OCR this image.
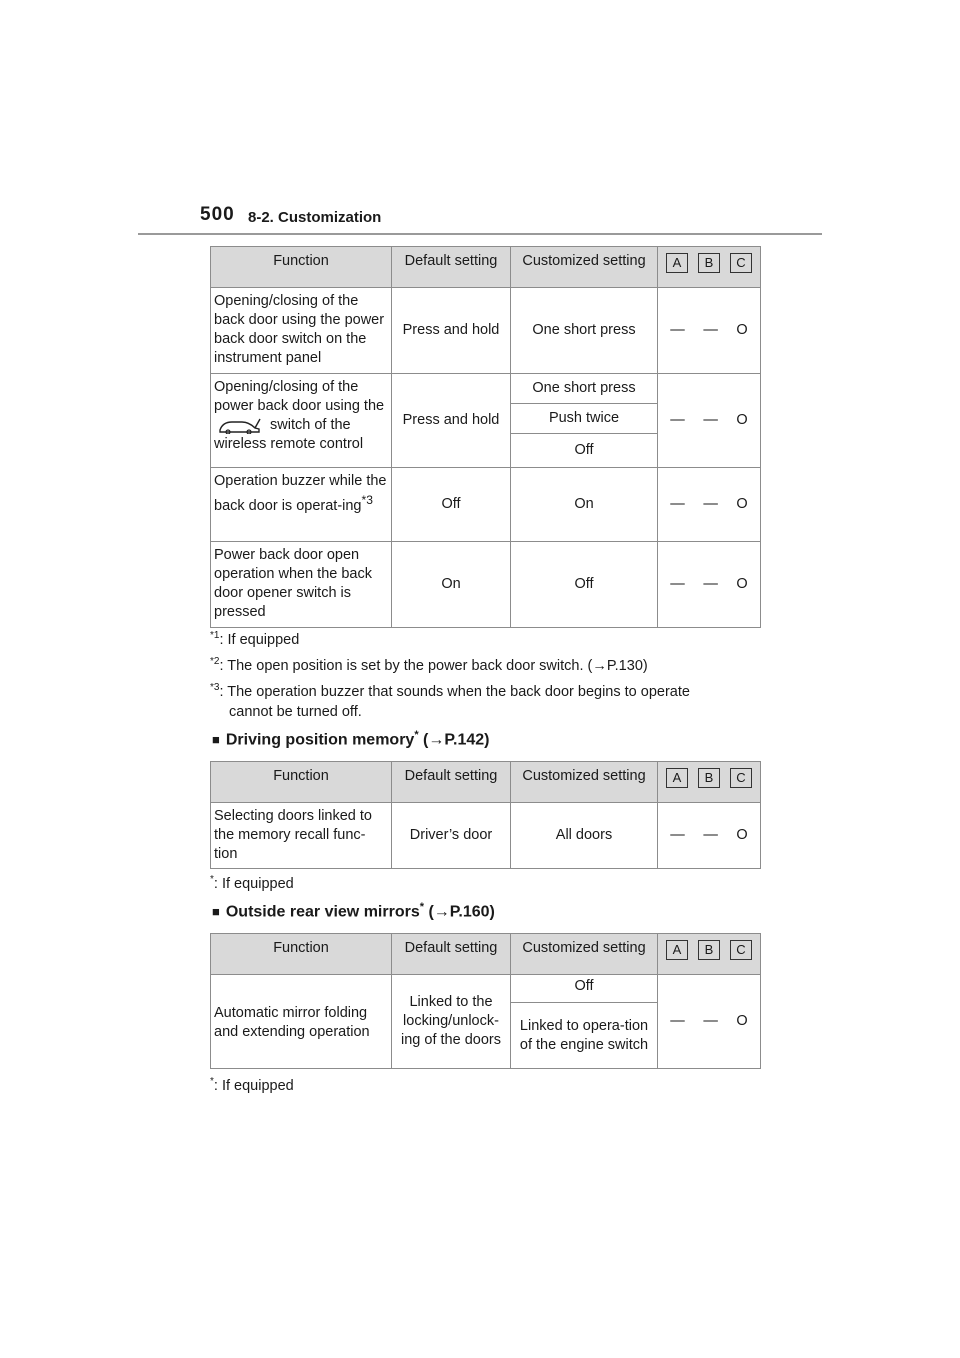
500 8-2. Customization
Function	Default setting	Customized setting	A B C

Opening/closing of the back door using the power back door switch on the instrument panel	Press and hold	One short press	— — O

Opening/closing of the power back door using the  switch of the wireless remote control	Press and hold	One short press	— — O

		Push twice	
		Off	
Operation buzzer while the back door is operat-ing$^{*3}$	Off	On	— — O

Power back door open operation when the back door opener switch is pressed	On	Off	— — O
$^{*1}$: If equipped
$^{*2}$: The open position is set by the power back door switch. (→P.130)
$^{*3}$: The operation buzzer that sounds when the back door begins to operate
cannot be turned off.
■ Driving position memory* (→P.142)
Function	Default setting	Customized setting	A B C

Selecting doors linked to the memory recall func-tion	Driver’s door	All doors	— — O
*: If equipped
■ Outside rear view mirrors* (→P.160)
Function	Default setting	Customized setting	A B C

Automatic mirror folding and extending operation	Linked to the locking/unlock-ing of the doors	Off	— — O

		Linked to opera-tion of the engine switch	
*: If equipped
